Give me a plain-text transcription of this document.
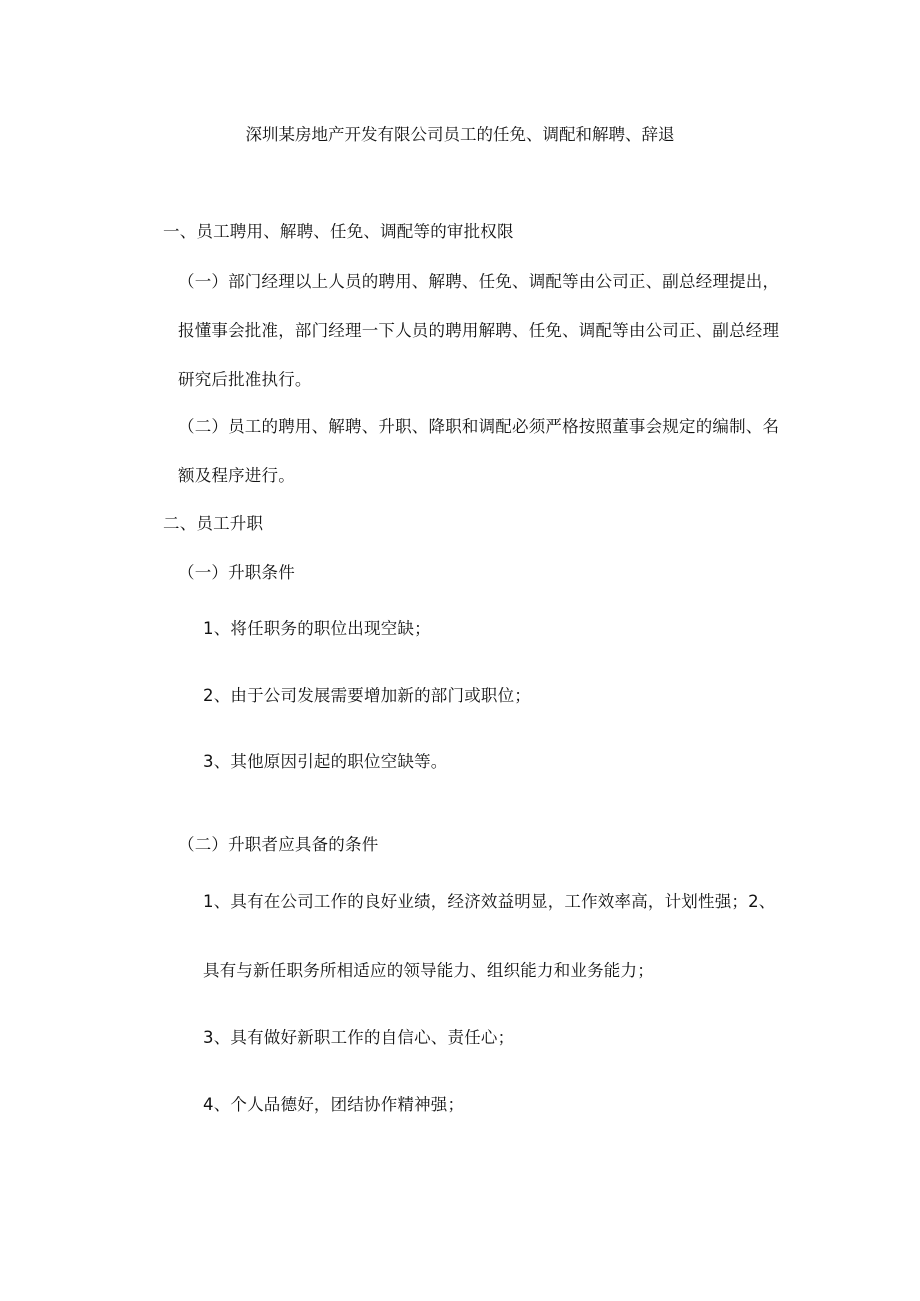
深圳某房地产开发有限公司员工的任免、调配和解聘、辞退
一、员工聘用、解聘、任免、调配等的审批权限
（一）部门经理以上人员的聘用、解聘、任免、调配等由公司正、副总经理提出，
报懂事会批准，部门经理一下人员的聘用解聘、任免、调配等由公司正、副总经理
研究后批准执行。
（二）员工的聘用、解聘、升职、降职和调配必须严格按照董事会规定的编制、名
额及程序进行。
二、员工升职
（一）升职条件
1、将任职务的职位出现空缺；
2、由于公司发展需要增加新的部门或职位；
3、其他原因引起的职位空缺等。
（二）升职者应具备的条件
1、具有在公司工作的良好业绩，经济效益明显，工作效率高，计划性强；2、
具有与新任职务所相适应的领导能力、组织能力和业务能力；
3、具有做好新职工作的自信心、责任心；
4、个人品德好，团结协作精神强；
